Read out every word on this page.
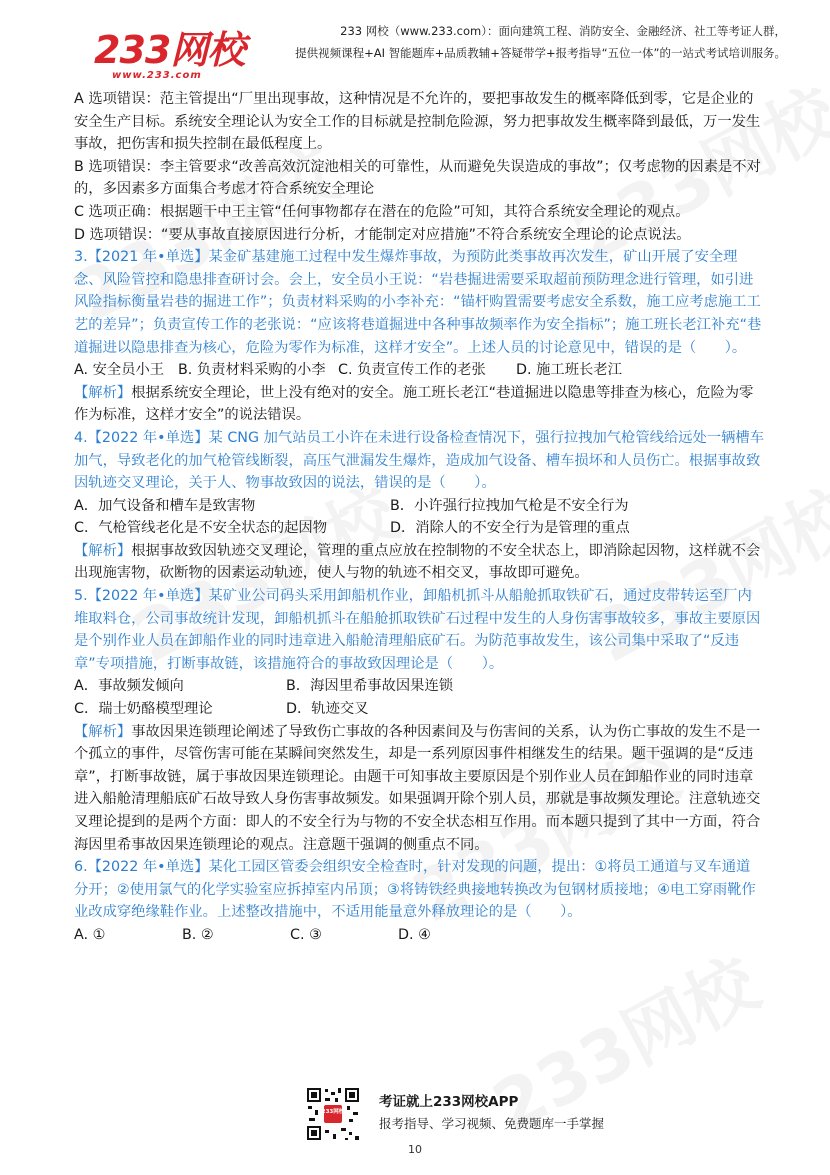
233网校
www.233.com
233 网校（www.233.com）：面向建筑工程、消防安全、金融经济、社工等考证人群，
提供视频课程+AI 智能题库+品质教辅+答疑带学+报考指导“五位一体”的一站式考试培训服务。

A 选项错误：范主管提出“厂里出现事故，这种情况是不允许的，要把事故发生的概率降低到零，它是企业的安全生产目标。系统安全理论认为安全工作的目标就是控制危险源，努力把事故发生概率降到最低，万一发生事故，把伤害和损失控制在最低程度上。

B 选项错误：李主管要求“改善高效沉淀池相关的可靠性，从而避免失误造成的事故”；仅考虑物的因素是不对的，多因素多方面集合考虑才符合系统安全理论

C 选项正确：根据题干中王主管“任何事物都存在潜在的危险”可知，其符合系统安全理论的观点。

D 选项错误：“要从事故直接原因进行分析，才能制定对应措施”不符合系统安全理论的论点说法。

3.【2021 年•单选】某金矿基建施工过程中发生爆炸事故，为预防此类事故再次发生，矿山开展了安全理念、风险管控和隐患排查研讨会。会上，安全员小王说：“岩巷掘进需要采取超前预防理念进行管理，如引进风险指标衡量岩巷的掘进工作”；负责材料采购的小李补充：“锚杆购置需要考虑安全系数，施工应考虑施工工艺的差异”；负责宣传工作的老张说：“应该将巷道掘进中各种事故频率作为安全指标”；施工班长老江补充“巷道掘进以隐患排查为核心，危险为零作为标准，这样才安全”。上述人员的讨论意见中，错误的是（　　）。

A. 安全员小王 B. 负责材料采购的小李 C. 负责宣传工作的老张	D. 施工班长老江

【解析】根据系统安全理论，世上没有绝对的安全。施工班长老江“巷道掘进以隐患等排查为核心，危险为零作为标准，这样才安全”的说法错误。

4.【2022 年•单选】某 CNG 加气站员工小许在未进行设备检查情况下，强行拉拽加气枪管线给远处一辆槽车加气，导致老化的加气枪管线断裂，高压气泄漏发生爆炸，造成加气设备、槽车损坏和人员伤亡。根据事故致因轨迹交叉理论，关于人、物事故致因的说法，错误的是（　　）。

A．加气设备和槽车是致害物	B．小许强行拉拽加气枪是不安全行为
C．气枪管线老化是不安全状态的起因物	D．消除人的不安全行为是管理的重点

【解析】根据事故致因轨迹交叉理论，管理的重点应放在控制物的不安全状态上，即消除起因物，这样就不会出现施害物，砍断物的因素运动轨迹，使人与物的轨迹不相交叉，事故即可避免。

5.【2022 年•单选】某矿业公司码头采用卸船机作业，卸船机抓斗从船舱抓取铁矿石，通过皮带转运至厂内堆取料仓，公司事故统计发现，卸船机抓斗在船舱抓取铁矿石过程中发生的人身伤害事故较多，事故主要原因是个别作业人员在卸船作业的同时违章进入船舱清理船底矿石。为防范事故发生，该公司集中采取了“反违章”专项措施，打断事故链，该措施符合的事故致因理论是（　　）。

A．事故频发倾向	B．海因里希事故因果连锁
C．瑞士奶酪模型理论	D．轨迹交叉

【解析】事故因果连锁理论阐述了导致伤亡事故的各种因素间及与伤害间的关系，认为伤亡事故的发生不是一个孤立的事件，尽管伤害可能在某瞬间突然发生，却是一系列原因事件相继发生的结果。题干强调的是“反违章”，打断事故链，属于事故因果连锁理论。由题干可知事故主要原因是个别作业人员在卸船作业的同时违章进入船舱清理船底矿石故导致人身伤害事故频发。如果强调开除个别人员，那就是事故频发理论。注意轨迹交叉理论提到的是两个方面：即人的不安全行为与物的不安全状态相互作用。而本题只提到了其中一方面，符合海因里希事故因果连锁理论的观点。注意题干强调的侧重点不同。

6.【2022 年•单选】某化工园区管委会组织安全检查时，针对发现的问题，提出：①将员工通道与叉车通道分开；②使用氯气的化学实验室应拆掉室内吊顶；③将铸铁经典接地转换改为包钢材质接地；④电工穿雨靴作业改成穿绝缘鞋作业。上述整改措施中，不适用能量意外释放理论的是（　　）。

A. ①	B. ②	C. ③	D. ④
233网校
考证就上233网校APP
报考指导、学习视频、免费题库一手掌握
10
